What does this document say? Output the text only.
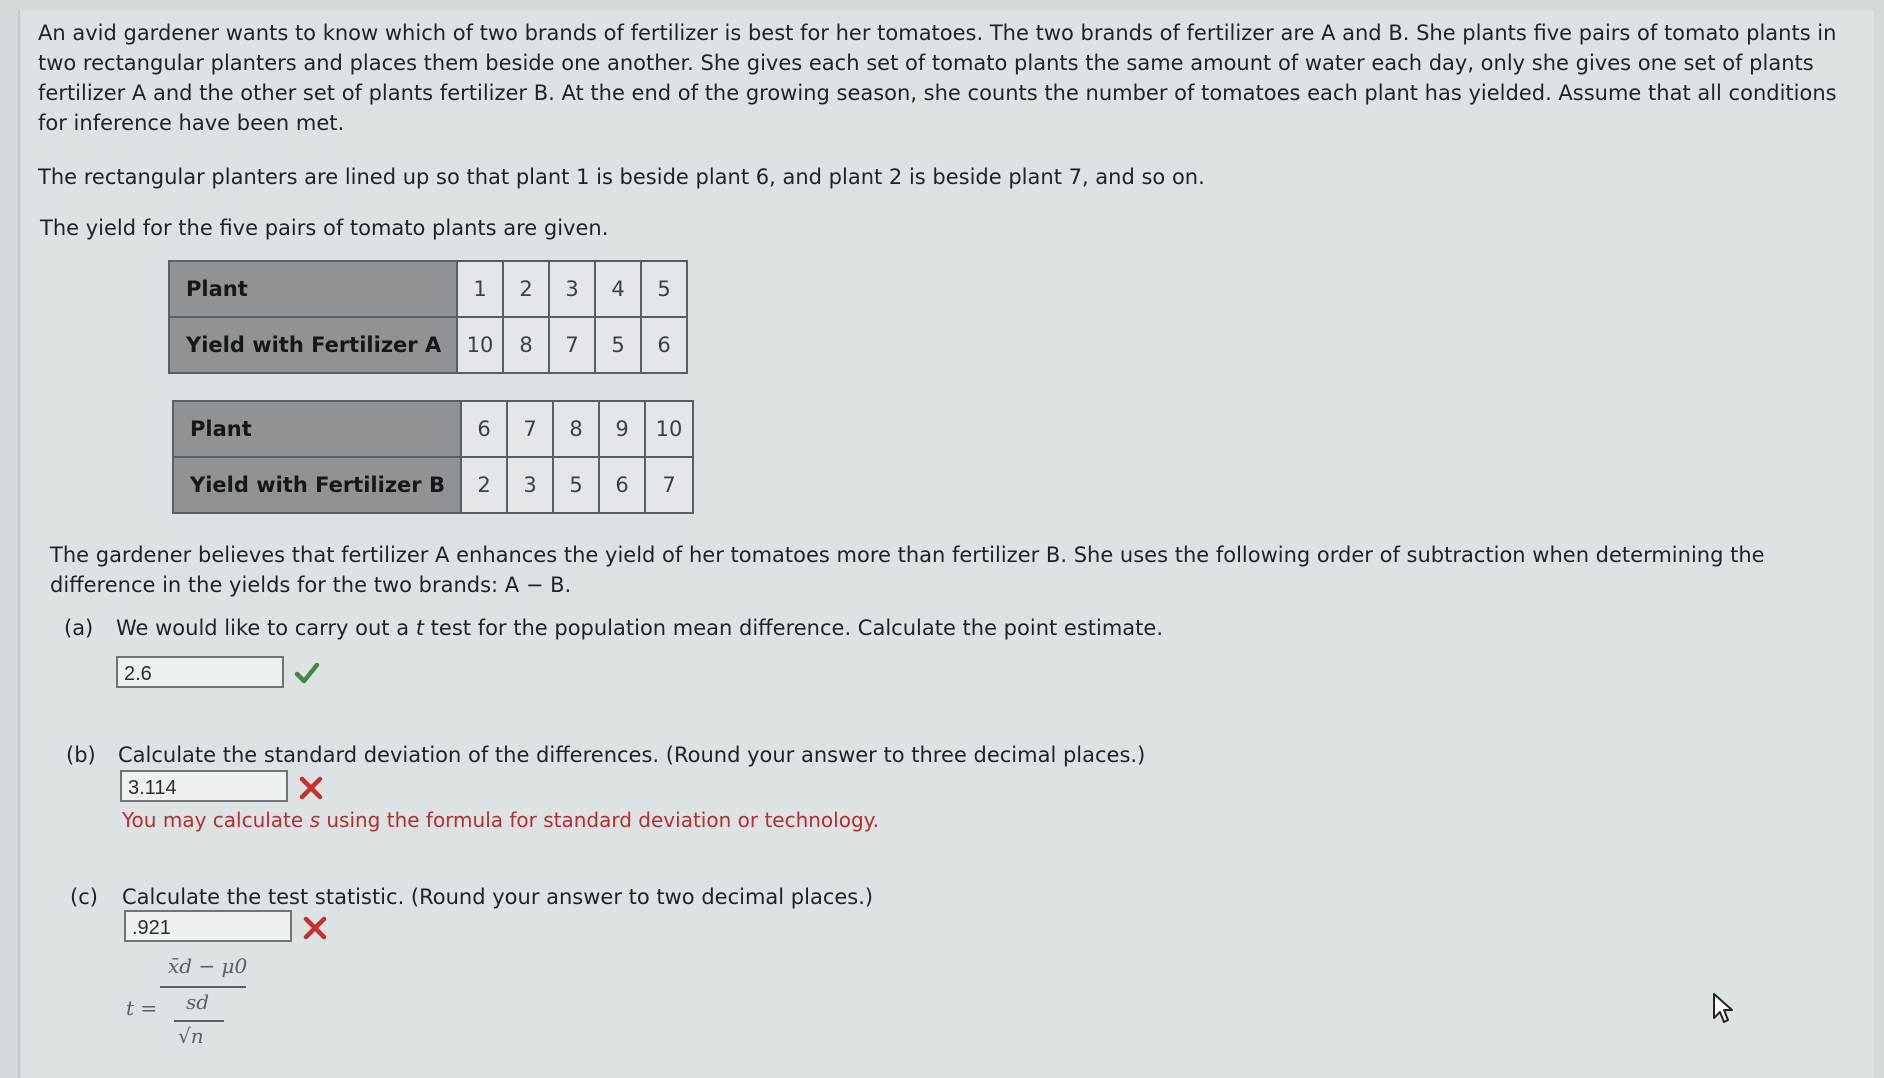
An avid gardener wants to know which of two brands of fertilizer is best for her tomatoes. The two brands of fertilizer are A and B. She plants five pairs of tomato plants in two rectangular planters and places them beside one another. She gives each set of tomato plants the same amount of water each day, only she gives one set of plants fertilizer A and the other set of plants fertilizer B. At the end of the growing season, she counts the number of tomatoes each plant has yielded. Assume that all conditions for inference have been met.

The rectangular planters are lined up so that plant 1 is beside plant 6, and plant 2 is beside plant 7, and so on.

The yield for the five pairs of tomato plants are given.

Plant	1	2	3	4	5
Yield with Fertilizer A	10	8	7	5	6
Plant	6	7	8	9	10
Yield with Fertilizer B	2	3	5	6	7

The gardener believes that fertilizer A enhances the yield of her tomatoes more than fertilizer B. She uses the following order of subtraction when determining the difference in the yields for the two brands: A − B.

(a) We would like to carry out a t test for the population mean difference. Calculate the point estimate.
2.6
(b) Calculate the standard deviation of the differences. (Round your answer to three decimal places.)
3.114
You may calculate s using the formula for standard deviation or technology.
(c) Calculate the test statistic. (Round your answer to two decimal places.)
.921
t =
x̄d − μ0
sd
√n
